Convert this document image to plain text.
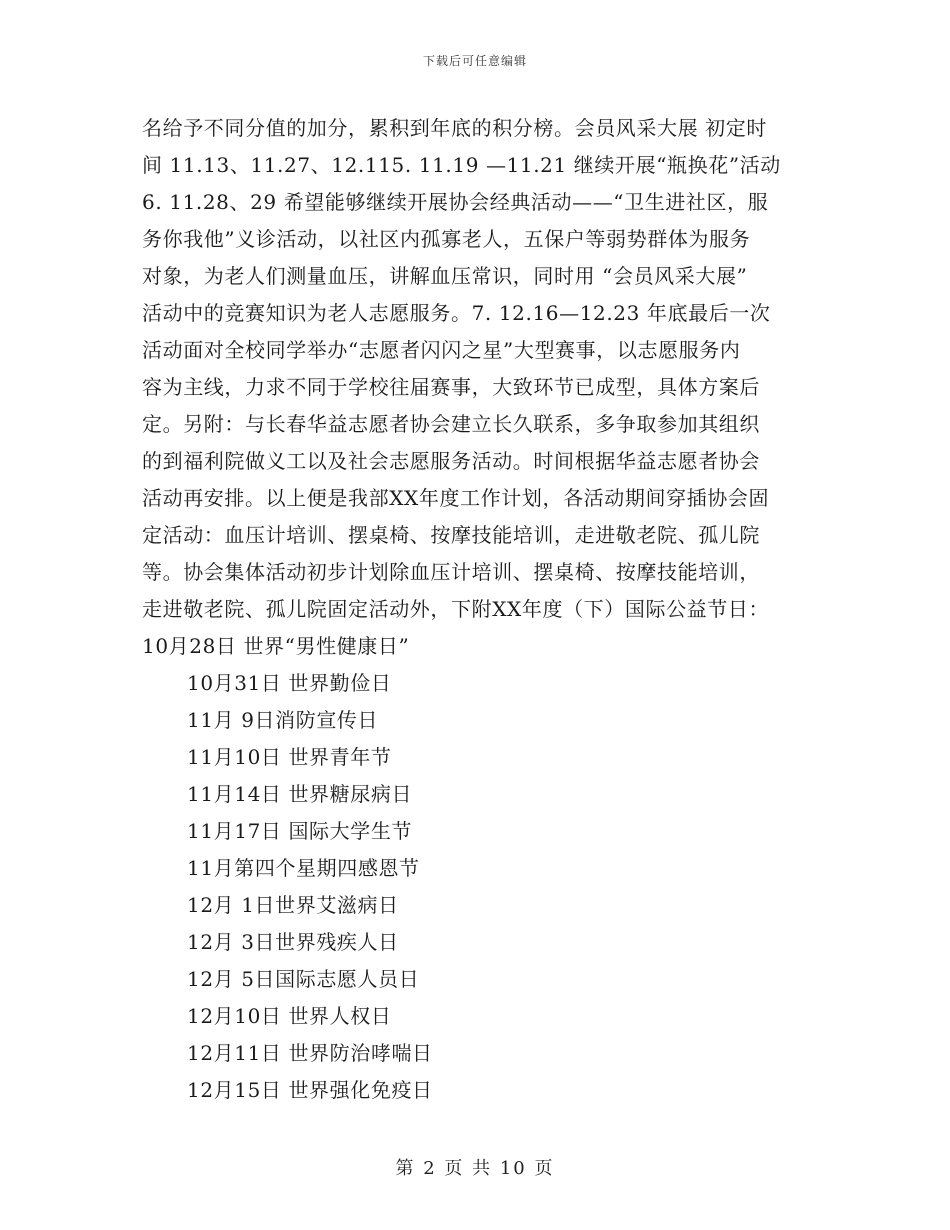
下载后可任意编辑
名给予不同分值的加分，累积到年底的积分榜。会员风采大展 初定时
间 11.13、11.27、12.115. 11.19 —11.21 继续开展“瓶换花”活动
6. 11.28、29 希望能够继续开展协会经典活动——“卫生进社区，服
务你我他”义诊活动，以社区内孤寡老人，五保户等弱势群体为服务
对象，为老人们测量血压，讲解血压常识，同时用 “会员风采大展”
活动中的竞赛知识为老人志愿服务。7. 12.16—12.23 年底最后一次
活动面对全校同学举办“志愿者闪闪之星”大型赛事，以志愿服务内
容为主线，力求不同于学校往届赛事，大致环节已成型，具体方案后
定。另附：与长春华益志愿者协会建立长久联系，多争取参加其组织
的到福利院做义工以及社会志愿服务活动。时间根据华益志愿者协会
活动再安排。以上便是我部XX年度工作计划，各活动期间穿插协会固
定活动：血压计培训、摆桌椅、按摩技能培训，走进敬老院、孤儿院
等。协会集体活动初步计划除血压计培训、摆桌椅、按摩技能培训，
走进敬老院、孤儿院固定活动外，下附XX年度（下）国际公益节日：
10月28日 世界“男性健康日”
10月31日 世界勤俭日
11月 9日消防宣传日
11月10日 世界青年节
11月14日 世界糖尿病日
11月17日 国际大学生节
11月第四个星期四感恩节
12月 1日世界艾滋病日
12月 3日世界残疾人日
12月 5日国际志愿人员日
12月10日 世界人权日
12月11日 世界防治哮喘日
12月15日 世界强化免疫日
第 2 页 共 10 页
